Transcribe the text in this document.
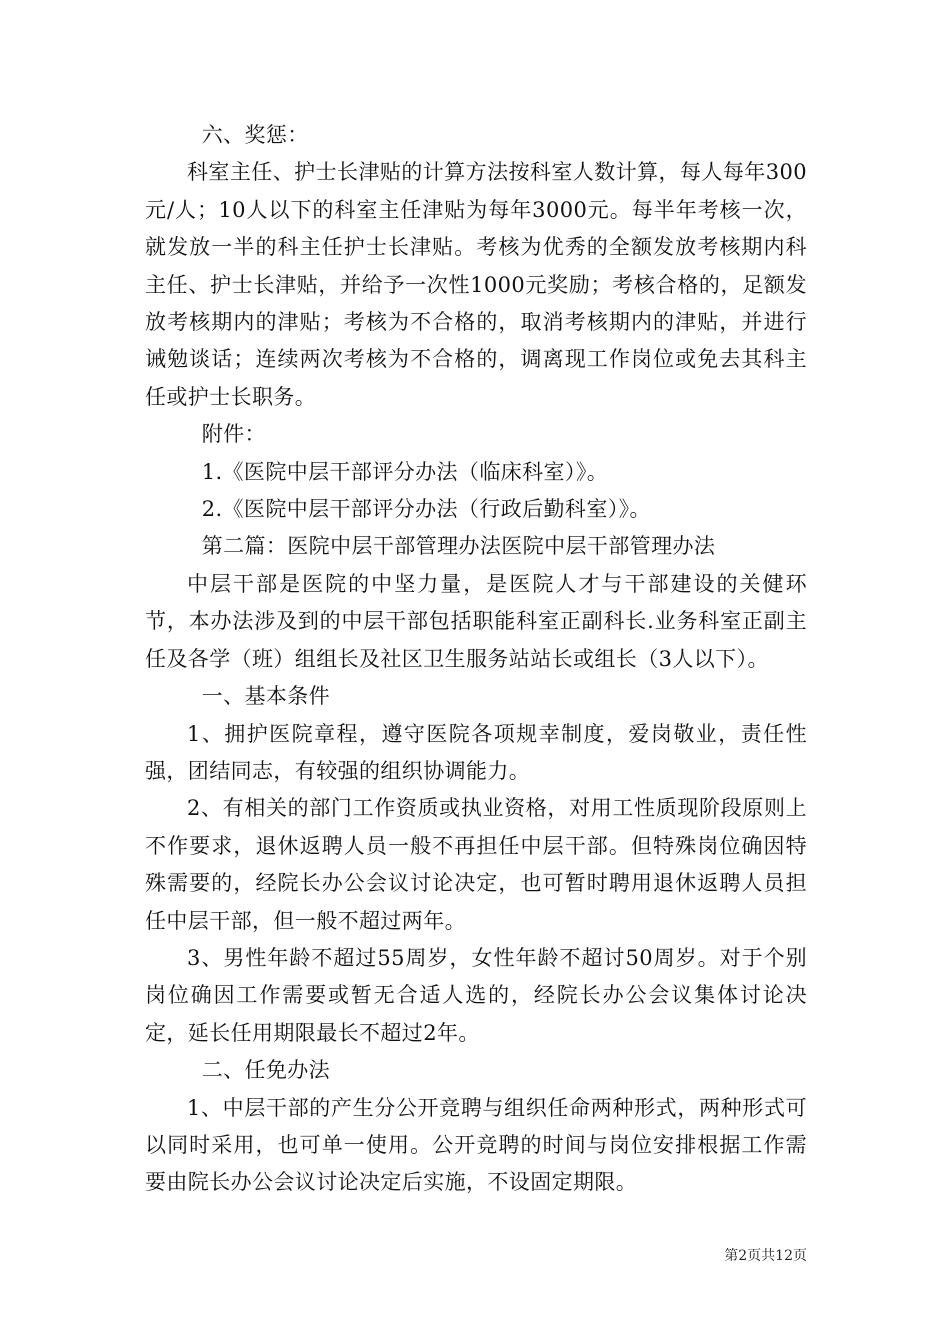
六、奖惩：

科室主任、护士长津贴的计算方法按科室人数计算，每人每年300元/人；10人以下的科室主任津贴为每年3000元。每半年考核一次，就发放一半的科主任护士长津贴。考核为优秀的全额发放考核期内科主任、护士长津贴，并给予一次性1000元奖励；考核合格的，足额发放考核期内的津贴；考核为不合格的，取消考核期内的津贴，并进行诫勉谈话；连续两次考核为不合格的，调离现工作岗位或免去其科主任或护士长职务。

附件：

1.《医院中层干部评分办法（临床科室）》。

2.《医院中层干部评分办法（行政后勤科室）》。

第二篇：医院中层干部管理办法医院中层干部管理办法

中层干部是医院的中坚力量，是医院人才与干部建设的关健环节，本办法涉及到的中层干部包括职能科室正副科长.业务科室正副主任及各学（班）组组长及社区卫生服务站站长或组长（3人以下）。

一、基本条件

1、拥护医院章程，遵守医院各项规幸制度，爱岗敬业，责任性强，团结同志，有较强的组织协调能力。

2、有相关的部门工作资质或执业资格，对用工性质现阶段原则上不作要求，退休返聘人员一般不再担任中层干部。但特殊岗位确因特殊需要的，经院长办公会议讨论决定，也可暂时聘用退休返聘人员担任中层干部，但一般不超过两年。

3、男性年龄不超过55周岁，女性年龄不超讨50周岁。对于个别岗位确因工作需要或暂无合适人选的，经院长办公会议集体讨论决定，延长任用期限最长不超过2年。

二、任免办法

1、中层干部的产生分公开竞聘与组织任命两种形式，两种形式可以同时采用，也可单一使用。公开竞聘的时间与岗位安排根据工作需要由院长办公会议讨论决定后实施，不设固定期限。

第2页共12页
